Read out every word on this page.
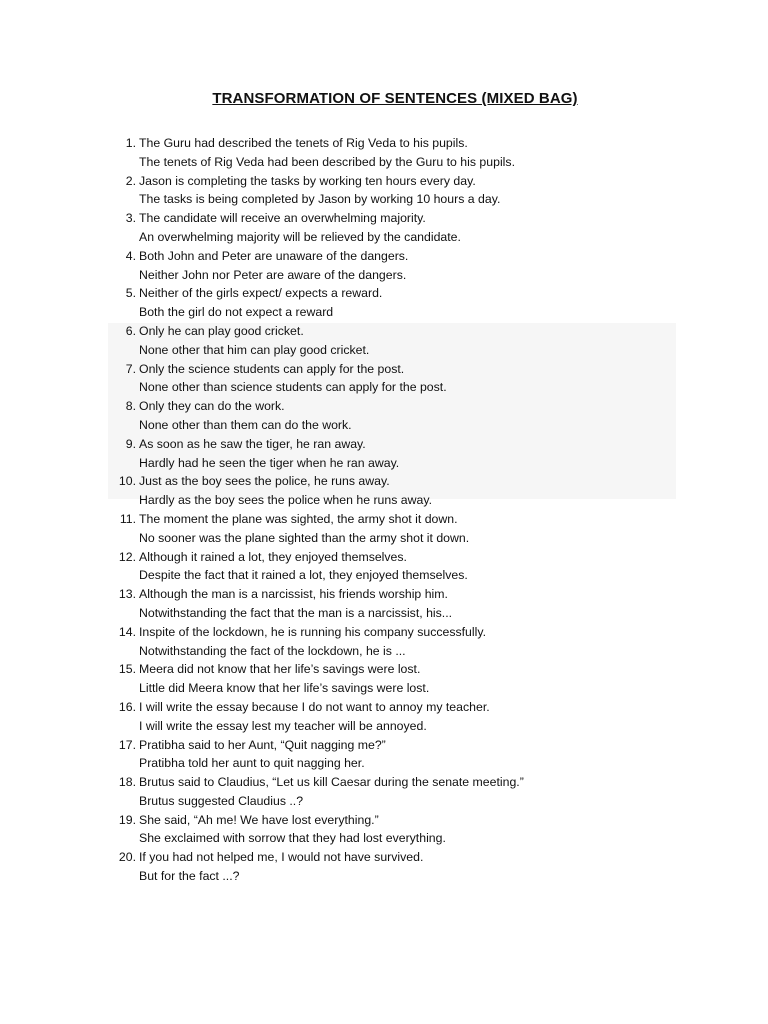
TRANSFORMATION OF SENTENCES (MIXED BAG)
1. The Guru had described the tenets of Rig Veda to his pupils.
The tenets of Rig Veda had been described by the Guru to his pupils.
2. Jason is completing the tasks by working ten hours every day.
The tasks is being completed by Jason by working 10 hours a day.
3. The candidate will receive an overwhelming majority.
An overwhelming majority will be relieved by the candidate.
4. Both John and Peter are unaware of the dangers.
Neither John nor Peter are aware of the dangers.
5. Neither of the girls expect/ expects a reward.
Both the girl do not expect a reward
6. Only he can play good cricket.
None other that him can play good cricket.
7. Only the science students can apply for the post.
None other than science students can apply for the post.
8. Only they can do the work.
None other than them can do the work.
9. As soon as he saw the tiger, he ran away.
Hardly had he seen the tiger when he ran away.
10. Just as the boy sees the police, he runs away.
Hardly as the boy sees the police when he runs away.
11. The moment the plane was sighted, the army shot it down.
No sooner was the plane sighted than the army shot it down.
12. Although it rained a lot, they enjoyed themselves.
Despite the fact that it rained a lot, they enjoyed themselves.
13. Although the man is a narcissist, his friends worship him.
Notwithstanding the fact that the man is a narcissist, his...
14. Inspite of the lockdown, he is running his company successfully.
Notwithstanding the fact of the lockdown, he is ...
15. Meera did not know that her life’s savings were lost.
Little did Meera know that her life’s savings were lost.
16. I will write the essay because I do not want to annoy my teacher.
I will write the essay lest my teacher will be annoyed.
17. Pratibha said to her Aunt, “Quit nagging me?”
Pratibha told her aunt to quit nagging her.
18. Brutus said to Claudius, “Let us kill Caesar during the senate meeting.”
Brutus suggested Claudius ..?
19. She said, “Ah me! We have lost everything.”
She exclaimed with sorrow that they had lost everything.
20. If you had not helped me, I would not have survived.
But for the fact ...?
